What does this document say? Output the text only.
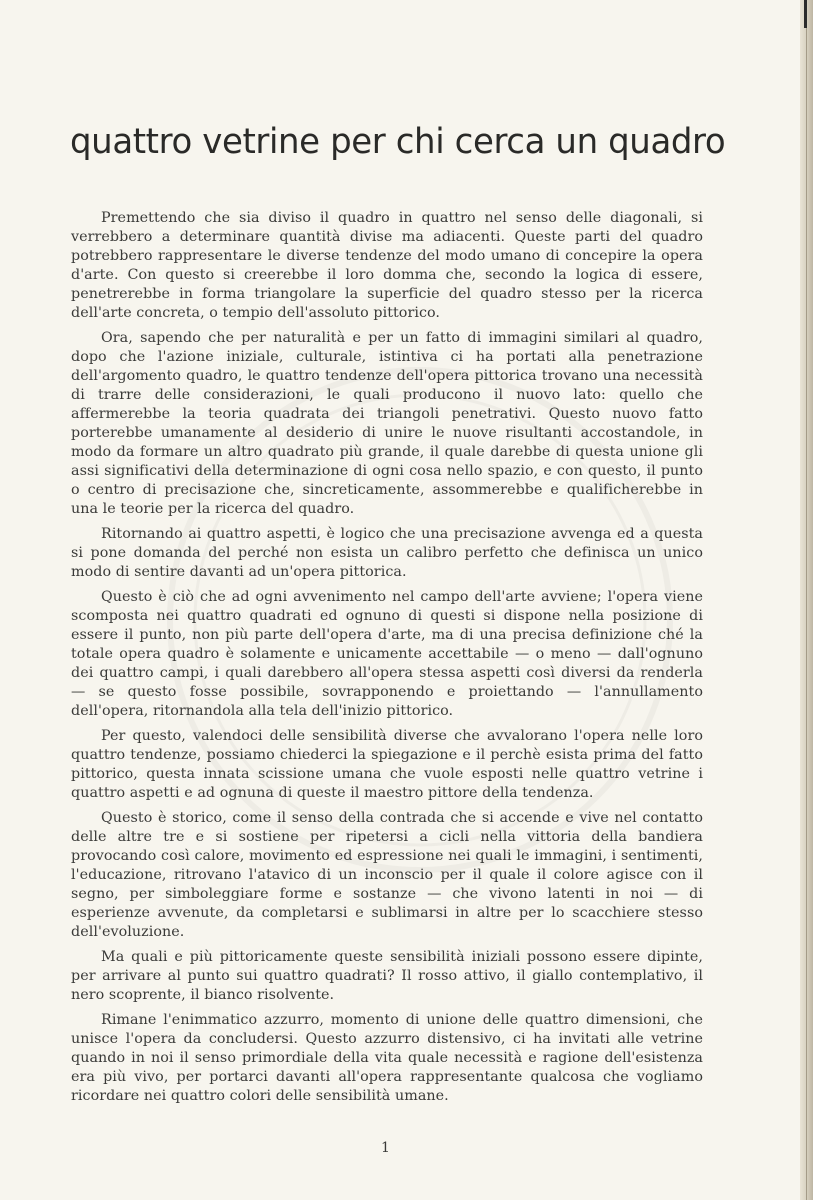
quattro vetrine per chi cerca un quadro

Premettendo che sia diviso il quadro in quattro nel senso delle diagonali, si verrebbero a determinare quantità divise ma adiacenti. Queste parti del quadro potrebbero rappresentare le diverse tendenze del modo umano di concepire la opera d'arte. Con questo si creerebbe il loro domma che, secondo la logica di essere, penetrerebbe in forma triangolare la superficie del quadro stesso per la ricerca dell'arte concreta, o tempio dell'assoluto pittorico.

Ora, sapendo che per naturalità e per un fatto di immagini similari al quadro, dopo che l'azione iniziale, culturale, istintiva ci ha portati alla penetrazione dell'argomento quadro, le quattro tendenze dell'opera pittorica trovano una necessità di trarre delle considerazioni, le quali producono il nuovo lato: quello che affermerebbe la teoria quadrata dei triangoli penetrativi. Questo nuovo fatto porterebbe umanamente al desiderio di unire le nuove risultanti accostandole, in modo da formare un altro quadrato più grande, il quale darebbe di questa unione gli assi significativi della determinazione di ogni cosa nello spazio, e con questo, il punto o centro di precisazione che, sincreticamente, assommerebbe e qualificherebbe in una le teorie per la ricerca del quadro.

Ritornando ai quattro aspetti, è logico che una precisazione avvenga ed a questa si pone domanda del perché non esista un calibro perfetto che definisca un unico modo di sentire davanti ad un'opera pittorica.

Questo è ciò che ad ogni avvenimento nel campo dell'arte avviene; l'opera viene scomposta nei quattro quadrati ed ognuno di questi si dispone nella posizione di essere il punto, non più parte dell'opera d'arte, ma di una precisa definizione ché la totale opera quadro è solamente e unicamente accettabile — o meno — dall'ognuno dei quattro campi, i quali darebbero all'opera stessa aspetti così diversi da renderla — se questo fosse possibile, sovrapponendo e proiettando — l'annullamento dell'opera, ritornandola alla tela dell'inizio pittorico.

Per questo, valendoci delle sensibilità diverse che avvalorano l'opera nelle loro quattro tendenze, possiamo chiederci la spiegazione e il perchè esista prima del fatto pittorico, questa innata scissione umana che vuole esposti nelle quattro vetrine i quattro aspetti e ad ognuna di queste il maestro pittore della tendenza.

Questo è storico, come il senso della contrada che si accende e vive nel contatto delle altre tre e si sostiene per ripetersi a cicli nella vittoria della bandiera provocando così calore, movimento ed espressione nei quali le immagini, i sentimenti, l'educazione, ritrovano l'atavico di un inconscio per il quale il colore agisce con il segno, per simboleggiare forme e sostanze — che vivono latenti in noi — di esperienze avvenute, da completarsi e sublimarsi in altre per lo scacchiere stesso dell'evoluzione.

Ma quali e più pittoricamente queste sensibilità iniziali possono essere dipinte, per arrivare al punto sui quattro quadrati? Il rosso attivo, il giallo contemplativo, il nero scoprente, il bianco risolvente.

Rimane l'enimmatico azzurro, momento di unione delle quattro dimensioni, che unisce l'opera da concludersi. Questo azzurro distensivo, ci ha invitati alle vetrine quando in noi il senso primordiale della vita quale necessità e ragione dell'esistenza era più vivo, per portarci davanti all'opera rappresentante qualcosa che vogliamo ricordare nei quattro colori delle sensibilità umane.

1
